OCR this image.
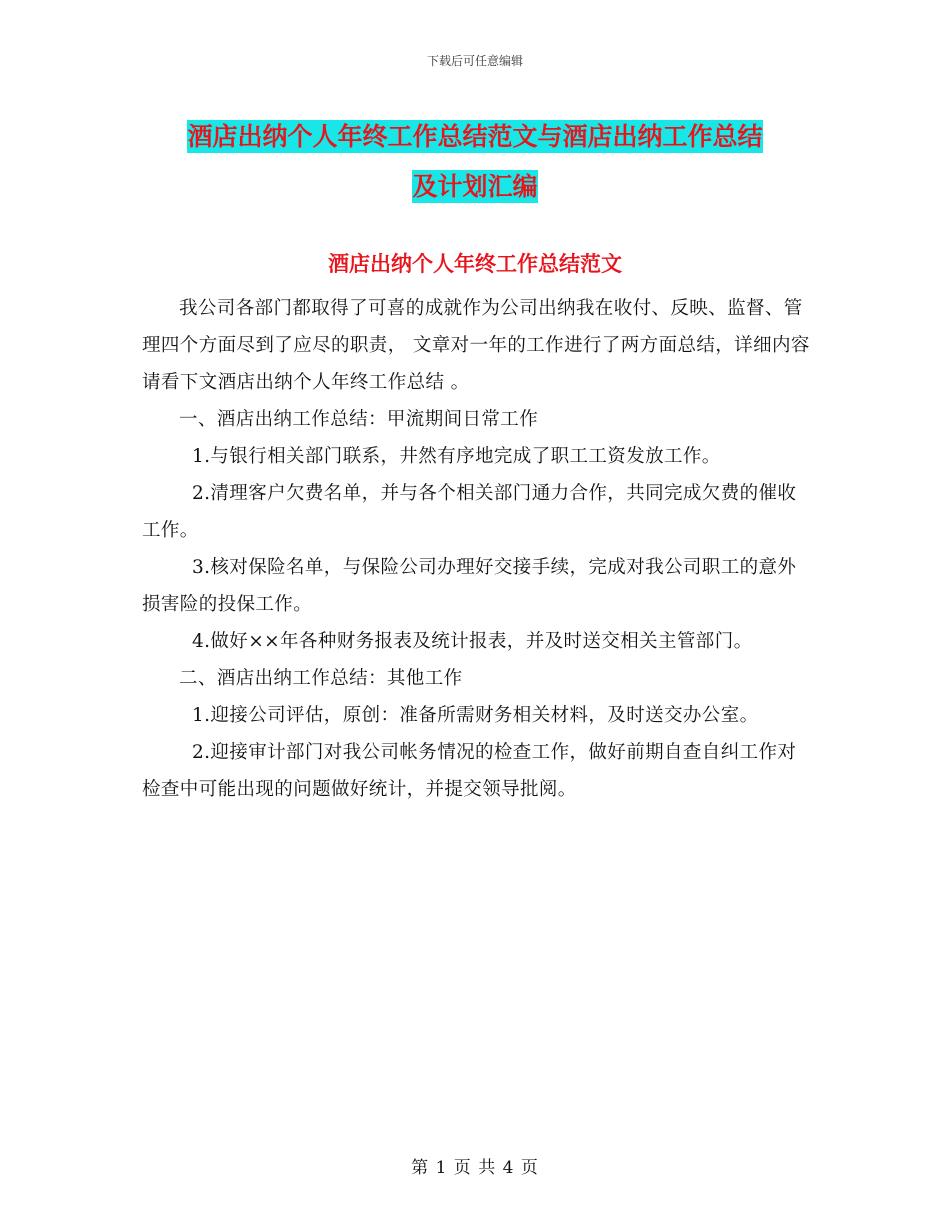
下载后可任意编辑
酒店出纳个人年终工作总结范文与酒店出纳工作总结
及计划汇编
酒店出纳个人年终工作总结范文

我公司各部门都取得了可喜的成就作为公司出纳我在收付、反映、监督、管理四个方面尽到了应尽的职责， 文章对一年的工作进行了两方面总结，详细内容请看下文酒店出纳个人年终工作总结 。

一、酒店出纳工作总结：甲流期间日常工作

1.与银行相关部门联系，井然有序地完成了职工工资发放工作。

2.清理客户欠费名单，并与各个相关部门通力合作，共同完成欠费的催收工作。

3.核对保险名单，与保险公司办理好交接手续，完成对我公司职工的意外损害险的投保工作。

4.做好××年各种财务报表及统计报表，并及时送交相关主管部门。

二、酒店出纳工作总结：其他工作

1.迎接公司评估，原创：准备所需财务相关材料，及时送交办公室。

2.迎接审计部门对我公司帐务情况的检查工作，做好前期自查自纠工作对检查中可能出现的问题做好统计，并提交领导批阅。

第 1 页 共 4 页
